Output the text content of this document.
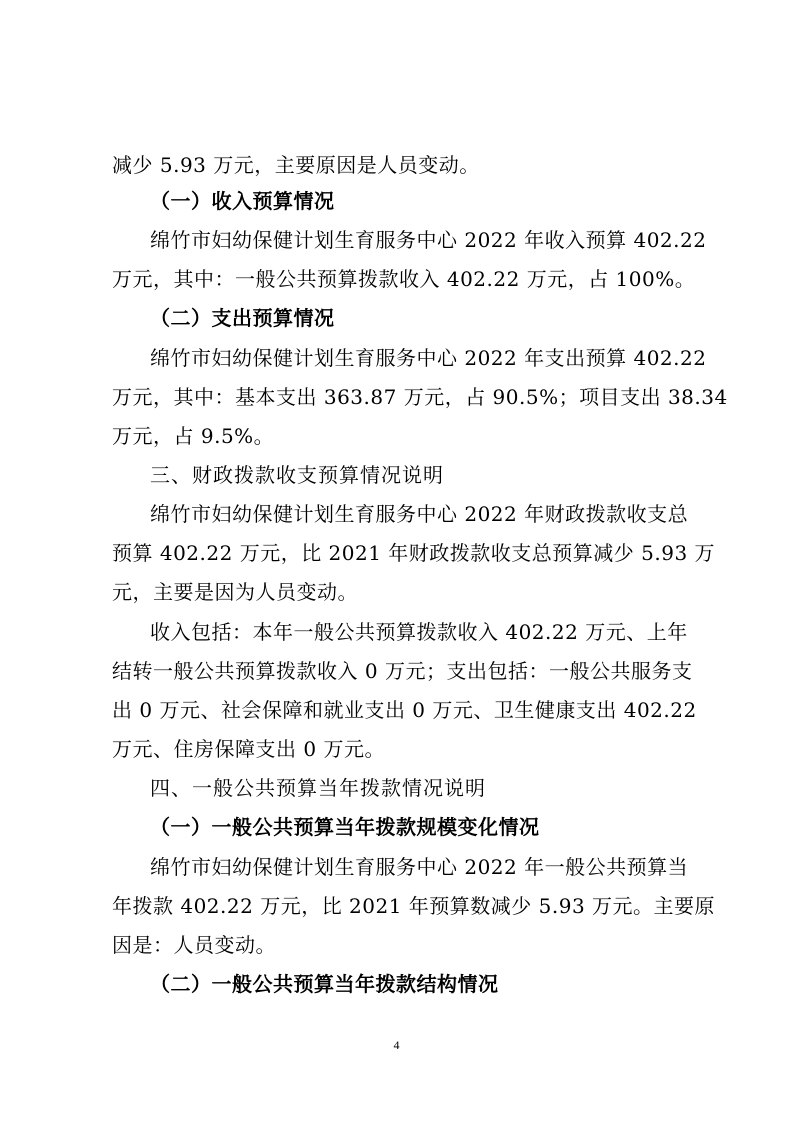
减少 5.93 万元，主要原因是人员变动。
（一）收入预算情况
绵竹市妇幼保健计划生育服务中心 2022 年收入预算 402.22
万元，其中：一般公共预算拨款收入 402.22 万元，占 100%。
（二）支出预算情况
绵竹市妇幼保健计划生育服务中心 2022 年支出预算 402.22
万元，其中：基本支出 363.87 万元，占 90.5%；项目支出 38.34
万元，占 9.5%。
三、财政拨款收支预算情况说明
绵竹市妇幼保健计划生育服务中心 2022 年财政拨款收支总
预算 402.22 万元，比 2021 年财政拨款收支总预算减少 5.93 万
元，主要是因为人员变动。
收入包括：本年一般公共预算拨款收入 402.22 万元、上年
结转一般公共预算拨款收入 0 万元；支出包括：一般公共服务支
出 0 万元、社会保障和就业支出 0 万元、卫生健康支出 402.22
万元、住房保障支出 0 万元。
四、一般公共预算当年拨款情况说明
（一）一般公共预算当年拨款规模变化情况
绵竹市妇幼保健计划生育服务中心 2022 年一般公共预算当
年拨款 402.22 万元，比 2021 年预算数减少 5.93 万元。主要原
因是：人员变动。
（二）一般公共预算当年拨款结构情况
4
